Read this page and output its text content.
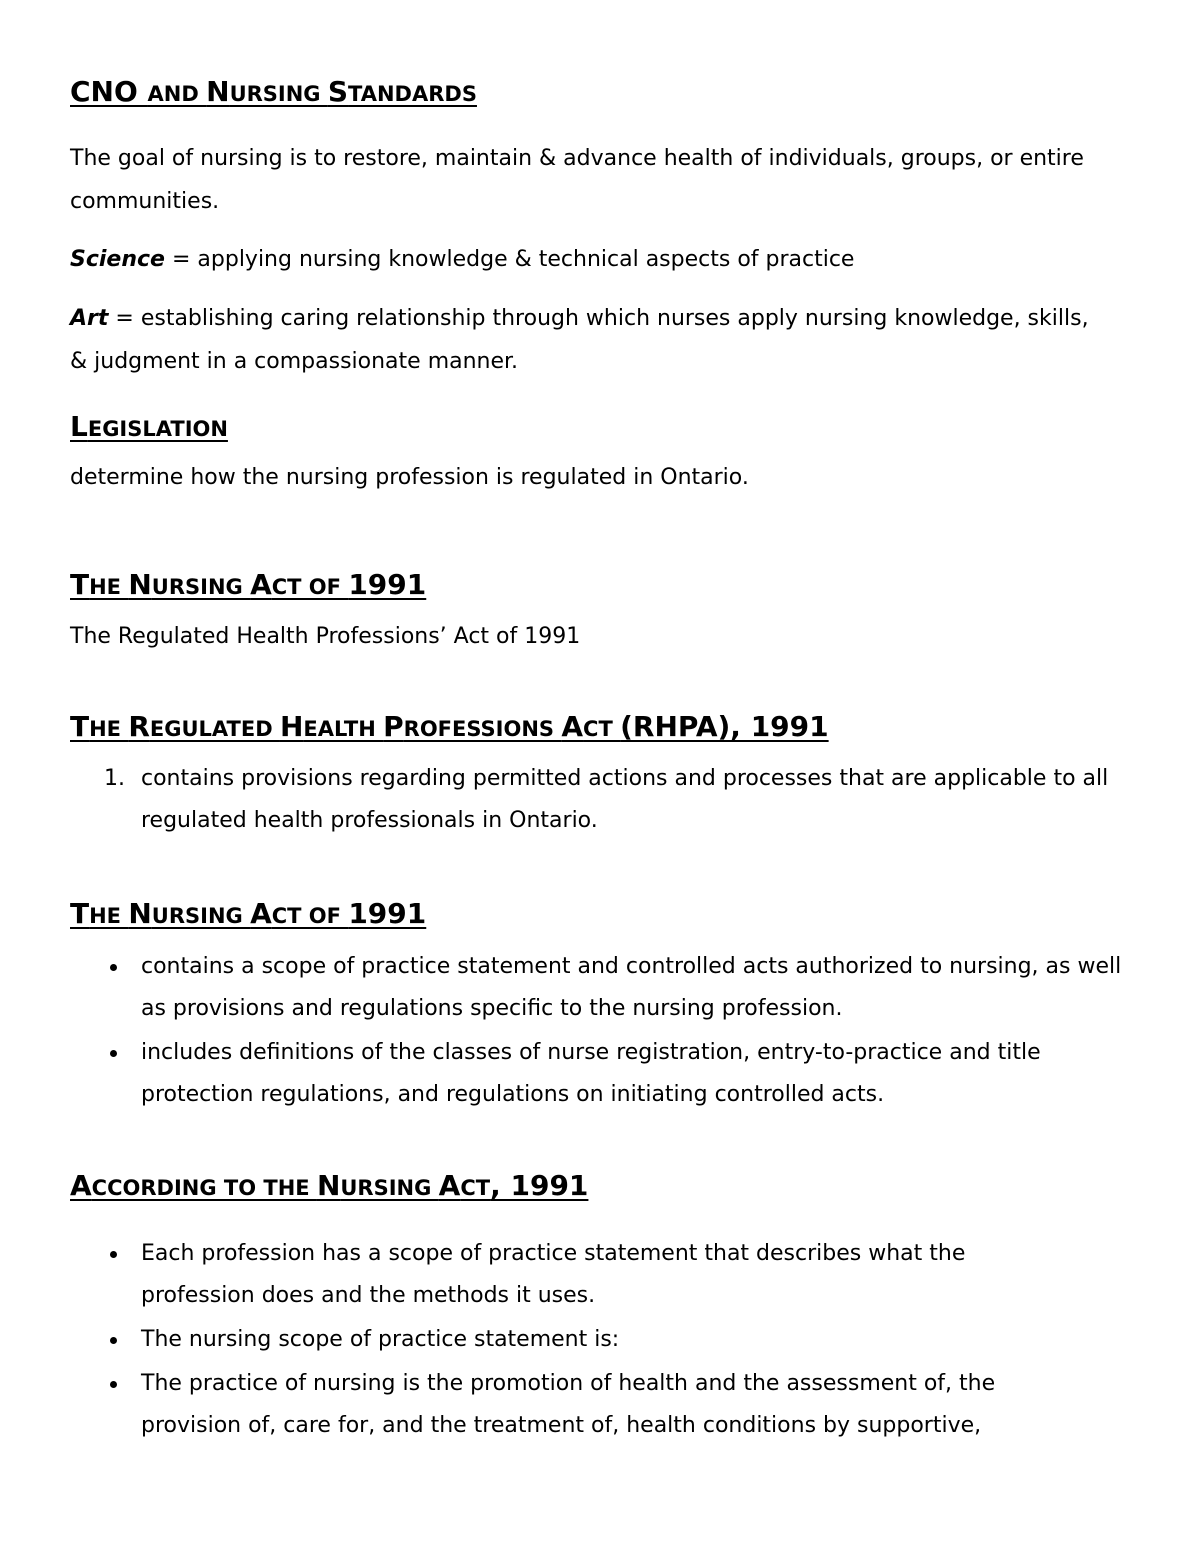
CNO AND NURSING STANDARDS

The goal of nursing is to restore, maintain & advance health of individuals, groups, or entire communities.

Science = applying nursing knowledge & technical aspects of practice

Art = establishing caring relationship through which nurses apply nursing knowledge, skills, & judgment in a compassionate manner.

LEGISLATION

determine how the nursing profession is regulated in Ontario.

THE NURSING ACT OF 1991

The Regulated Health Professions’ Act of 1991

THE REGULATED HEALTH PROFESSIONS ACT (RHPA), 1991
1. contains provisions regarding permitted actions and processes that are applicable to all regulated health professionals in Ontario.
THE NURSING ACT OF 1991
contains a scope of practice statement and controlled acts authorized to nursing, as well as provisions and regulations specific to the nursing profession.
includes definitions of the classes of nurse registration, entry-to-practice and title protection regulations, and regulations on initiating controlled acts.
ACCORDING TO THE NURSING ACT, 1991
Each profession has a scope of practice statement that describes what the profession does and the methods it uses.
The nursing scope of practice statement is:
The practice of nursing is the promotion of health and the assessment of, the provision of, care for, and the treatment of, health conditions by supportive,
